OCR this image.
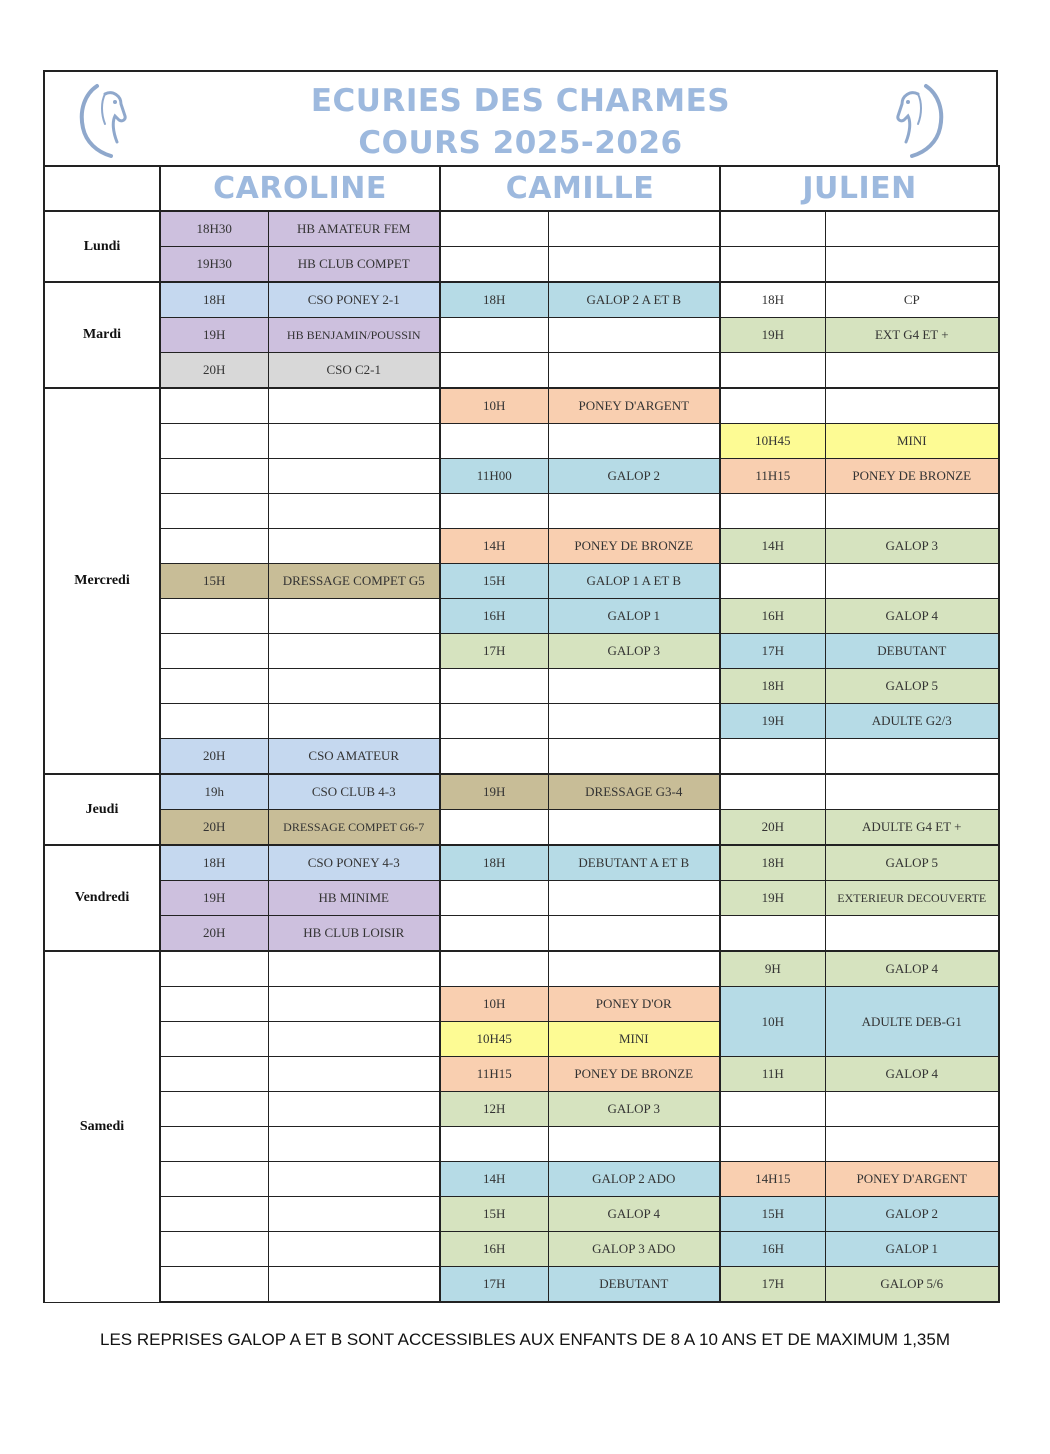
ECURIES DES CHARMES
COURS 2025-2026
	CAROLINE		CAMILLE		JULIEN	
Lundi	18H30	HB AMATEUR FEM				
	19H30	HB CLUB COMPET				
Mardi	18H	CSO PONEY 2-1	18H	GALOP 2 A ET B	18H	CP
	19H	HB BENJAMIN/POUSSIN			19H	EXT G4 ET +
	20H	CSO C2-1				
Mercredi			10H	PONEY D'ARGENT		
					10H45	MINI
			11H00	GALOP 2	11H15	PONEY DE BRONZE

			14H	PONEY DE BRONZE	14H	GALOP 3
	15H	DRESSAGE COMPET G5	15H	GALOP 1 A ET B		
			16H	GALOP 1	16H	GALOP 4
			17H	GALOP 3	17H	DEBUTANT
					18H	GALOP 5
					19H	ADULTE G2/3
	20H	CSO AMATEUR				
Jeudi	19h	CSO CLUB 4-3	19H	DRESSAGE G3-4		
	20H	DRESSAGE COMPET G6-7			20H	ADULTE G4 ET +
Vendredi	18H	CSO PONEY 4-3	18H	DEBUTANT A ET B	18H	GALOP 5
	19H	HB MINIME			19H	EXTERIEUR DECOUVERTE
	20H	HB CLUB LOISIR				
Samedi					9H	GALOP 4
			10H	PONEY D'OR	10H	ADULTE DEB-G1
			10H45	MINI		
			11H15	PONEY DE BRONZE	11H	GALOP 4
			12H	GALOP 3		

			14H	GALOP 2 ADO	14H15	PONEY D'ARGENT
			15H	GALOP 4	15H	GALOP 2
			16H	GALOP 3 ADO	16H	GALOP 1
			17H	DEBUTANT	17H	GALOP 5/6
LES REPRISES GALOP A ET B SONT ACCESSIBLES AUX ENFANTS DE 8 A 10 ANS ET DE MAXIMUM 1,35M
